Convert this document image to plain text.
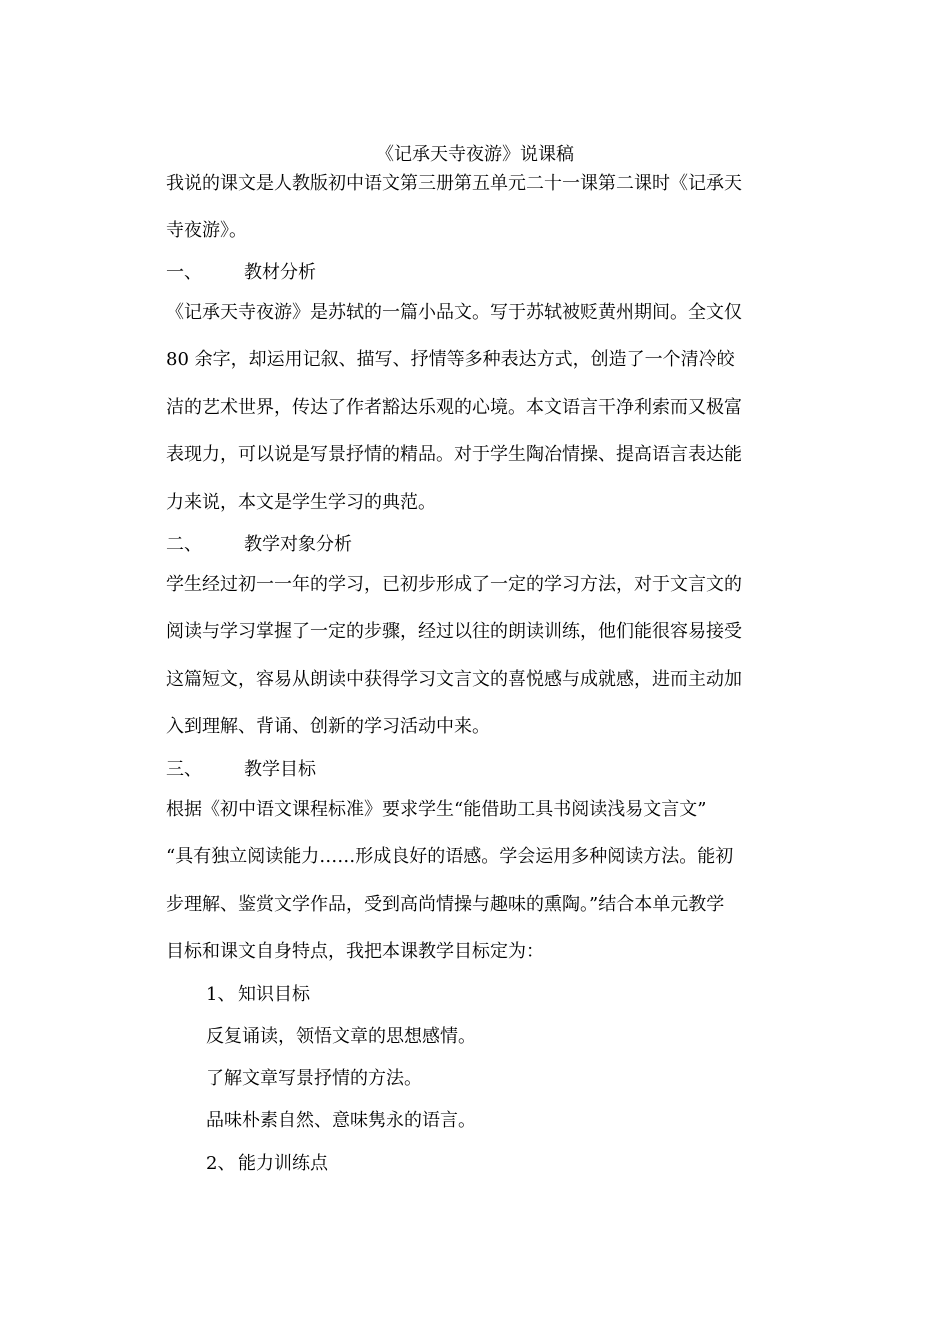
《记承天寺夜游》说课稿
我说的课文是人教版初中语文第三册第五单元二十一课第二课时《记承天
寺夜游》。
一、 教材分析
《记承天寺夜游》是苏轼的一篇小品文。写于苏轼被贬黄州期间。全文仅
80 余字，却运用记叙、描写、抒情等多种表达方式，创造了一个清冷皎
洁的艺术世界，传达了作者豁达乐观的心境。本文语言干净利索而又极富
表现力，可以说是写景抒情的精品。对于学生陶冶情操、提高语言表达能
力来说，本文是学生学习的典范。
二、 教学对象分析
学生经过初一一年的学习，已初步形成了一定的学习方法，对于文言文的
阅读与学习掌握了一定的步骤，经过以往的朗读训练，他们能很容易接受
这篇短文，容易从朗读中获得学习文言文的喜悦感与成就感，进而主动加
入到理解、背诵、创新的学习活动中来。
三、 教学目标
根据《初中语文课程标准》要求学生“能借助工具书阅读浅易文言文”
“具有独立阅读能力……形成良好的语感。学会运用多种阅读方法。能初
步理解、鉴赏文学作品，受到高尚情操与趣味的熏陶。”结合本单元教学
目标和课文自身特点，我把本课教学目标定为：
1、 知识目标
反复诵读，领悟文章的思想感情。
了解文章写景抒情的方法。
品味朴素自然、意味隽永的语言。
2、 能力训练点
